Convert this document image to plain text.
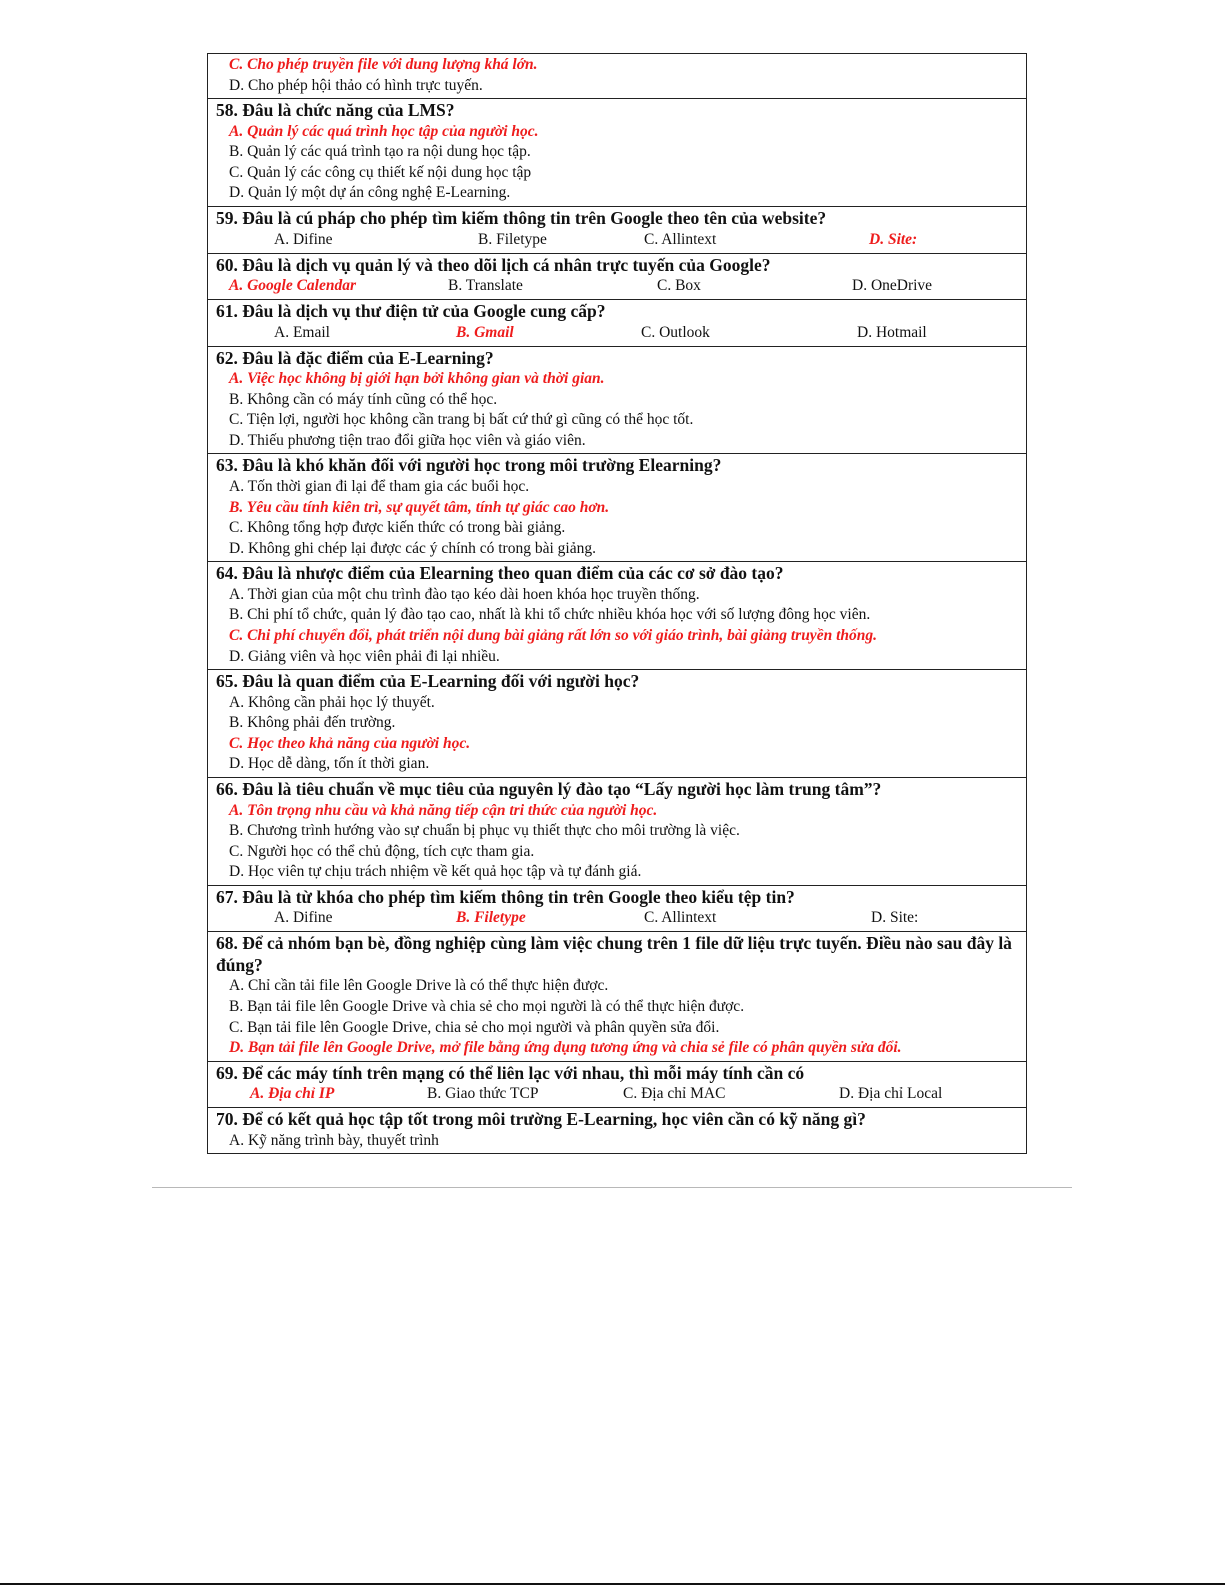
C. Cho phép truyền file với dung lượng khá lớn.
D. Cho phép hội thảo có hình trực tuyến.
58. Đâu là chức năng của LMS?
A. Quản lý các quá trình học tập của người học.
B. Quản lý các quá trình tạo ra nội dung học tập.
C. Quản lý các công cụ thiết kế nội dung học tập
D. Quản lý một dự án công nghệ E-Learning.
59. Đâu là cú pháp cho phép tìm kiếm thông tin trên Google theo tên của website?
A. Difine	B. Filetype	C. Allintext	D. Site:
60. Đâu là dịch vụ quản lý và theo dõi lịch cá nhân trực tuyến của Google?
A. Google Calendar	B. Translate	C. Box	D. OneDrive
61. Đâu là dịch vụ thư điện tử của Google cung cấp?
A. Email	B. Gmail	C. Outlook	D. Hotmail
62. Đâu là đặc điểm của E-Learning?
A. Việc học không bị giới hạn bởi không gian và thời gian.
B. Không cần có máy tính cũng có thể học.
C. Tiện lợi, người học không cần trang bị bất cứ thứ gì cũng có thể học tốt.
D. Thiếu phương tiện trao đổi giữa học viên và giáo viên.
63. Đâu là khó khăn đối với người học trong môi trường Elearning?
A. Tốn thời gian đi lại để tham gia các buổi học.
B. Yêu cầu tính kiên trì, sự quyết tâm, tính tự giác cao hơn.
C. Không tổng hợp được kiến thức có trong bài giảng.
D. Không ghi chép lại được các ý chính có trong bài giảng.
64. Đâu là nhược điểm của Elearning theo quan điểm của các cơ sở đào tạo?
A. Thời gian của một chu trình đào tạo kéo dài hoen khóa học truyền thống.
B. Chi phí tổ chức, quản lý đào tạo cao, nhất là khi tổ chức nhiều khóa học với số lượng đông học viên.
C. Chi phí chuyển đổi, phát triển nội dung bài giảng rất lớn so với giáo trình, bài giảng truyền thống.
D. Giảng viên và học viên phải đi lại nhiều.
65. Đâu là quan điểm của E-Learning đối với người học?
A. Không cần phải học lý thuyết.
B. Không phải đến trường.
C. Học theo khả năng của người học.
D. Học dễ dàng, tốn ít thời gian.
66. Đâu là tiêu chuẩn về mục tiêu của nguyên lý đào tạo “Lấy người học làm trung tâm”?
A. Tôn trọng nhu cầu và khả năng tiếp cận tri thức của người học.
B. Chương trình hướng vào sự chuẩn bị phục vụ thiết thực cho môi trường là việc.
C. Người học có thể chủ động, tích cực tham gia.
D. Học viên tự chịu trách nhiệm về kết quả học tập và tự đánh giá.
67. Đâu là từ khóa cho phép tìm kiếm thông tin trên Google theo kiểu tệp tin?
A. Difine	B. Filetype	C. Allintext	D. Site:
68. Để cả nhóm bạn bè, đồng nghiệp cùng làm việc chung trên 1 file dữ liệu trực tuyến. Điều nào sau đây là đúng?
A. Chỉ cần tải file lên Google Drive là có thể thực hiện được.
B. Bạn tải file lên Google Drive và chia sẻ cho mọi người là có thể thực hiện được.
C. Bạn tải file lên Google Drive, chia sẻ cho mọi người và phân quyền sửa đổi.
D. Bạn tải file lên Google Drive, mở file bằng ứng dụng tương ứng và chia sẻ file có phân quyền sửa đổi.
69. Để các máy tính trên mạng có thể liên lạc với nhau, thì mỗi máy tính cần có
A. Địa chỉ IP	B. Giao thức TCP	C. Địa chỉ MAC	D. Địa chỉ Local
70. Để có kết quả học tập tốt trong môi trường E-Learning, học viên cần có kỹ năng gì?
A. Kỹ năng trình bày, thuyết trình
